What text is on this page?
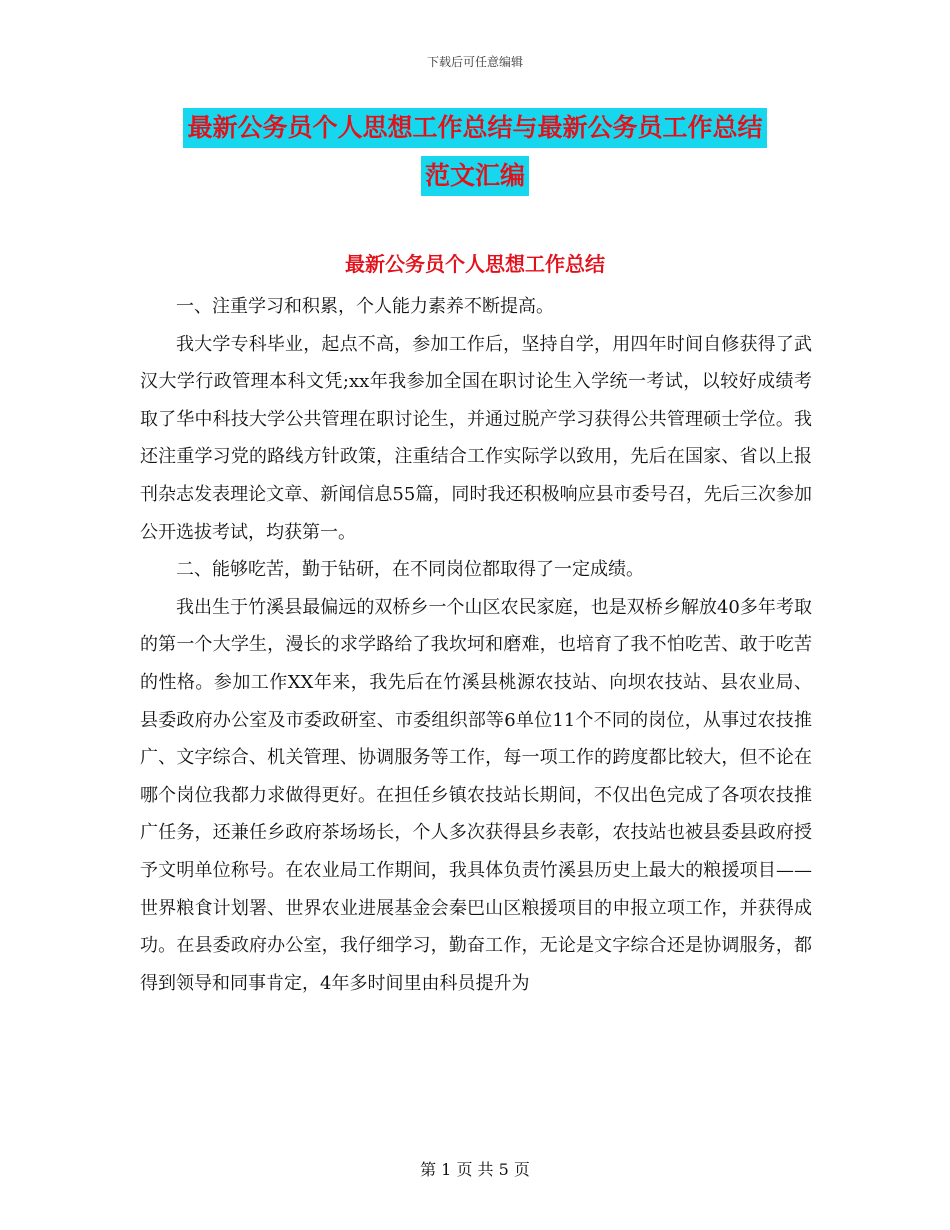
下载后可任意编辑
最新公务员个人思想工作总结与最新公务员工作总结
范文汇编
最新公务员个人思想工作总结

一、注重学习和积累，个人能力素养不断提高。

我大学专科毕业，起点不高，参加工作后，坚持自学，用四年时间自修获得了武汉大学行政管理本科文凭;xx年我参加全国在职讨论生入学统一考试，以较好成绩考取了华中科技大学公共管理在职讨论生，并通过脱产学习获得公共管理硕士学位。我还注重学习党的路线方针政策，注重结合工作实际学以致用，先后在国家、省以上报刊杂志发表理论文章、新闻信息55篇，同时我还积极响应县市委号召，先后三次参加公开选拔考试，均获第一。

二、能够吃苦，勤于钻研，在不同岗位都取得了一定成绩。

我出生于竹溪县最偏远的双桥乡一个山区农民家庭，也是双桥乡解放40多年考取的第一个大学生，漫长的求学路给了我坎坷和磨难，也培育了我不怕吃苦、敢于吃苦的性格。参加工作XX年来，我先后在竹溪县桃源农技站、向坝农技站、县农业局、县委政府办公室及市委政研室、市委组织部等6单位11个不同的岗位，从事过农技推广、文字综合、机关管理、协调服务等工作，每一项工作的跨度都比较大，但不论在哪个岗位我都力求做得更好。在担任乡镇农技站长期间，不仅出色完成了各项农技推广任务，还兼任乡政府茶场场长，个人多次获得县乡表彰，农技站也被县委县政府授予文明单位称号。在农业局工作期间，我具体负责竹溪县历史上最大的粮援项目——世界粮食计划署、世界农业进展基金会秦巴山区粮援项目的申报立项工作，并获得成功。在县委政府办公室，我仔细学习，勤奋工作，无论是文字综合还是协调服务，都得到领导和同事肯定，4年多时间里由科员提升为

第 1 页 共 5 页
